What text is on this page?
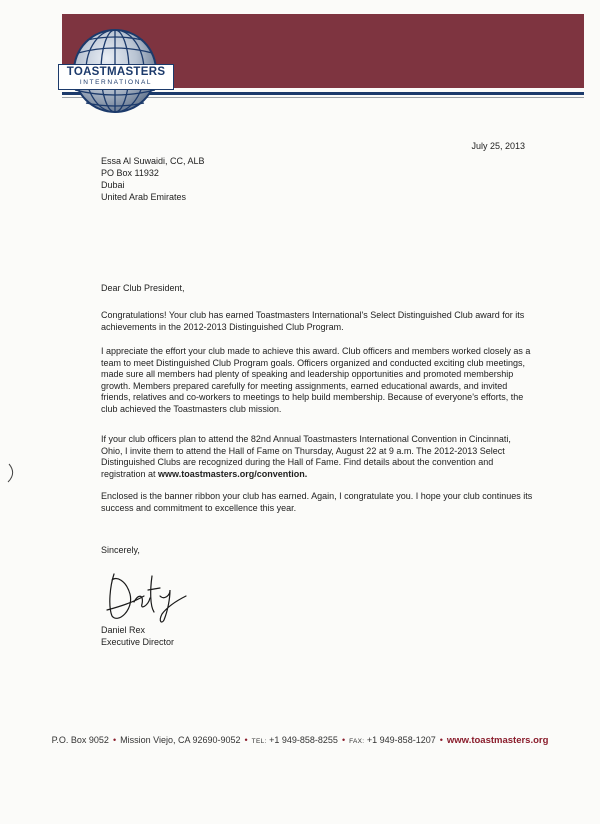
TOASTMASTERS
INTERNATIONAL
July 25, 2013
Essa Al Suwaidi, CC, ALB
PO Box 11932
Dubai
United Arab Emirates
Dear Club President,

Congratulations! Your club has earned Toastmasters International's Select Distinguished Club award for its achievements in the 2012-2013 Distinguished Club Program.

I appreciate the effort your club made to achieve this award. Club officers and members worked closely as a team to meet Distinguished Club Program goals. Officers organized and conducted exciting club meetings, made sure all members had plenty of speaking and leadership opportunities and promoted membership growth. Members prepared carefully for meeting assignments, earned educational awards, and invited friends, relatives and co-workers to meetings to help build membership. Because of everyone's efforts, the club achieved the Toastmasters club mission.

If your club officers plan to attend the 82nd Annual Toastmasters International Convention in Cincinnati, Ohio, I invite them to attend the Hall of Fame on Thursday, August 22 at 9 a.m. The 2012-2013 Select Distinguished Clubs are recognized during the Hall of Fame. Find details about the convention and registration at www.toastmasters.org/convention.

Enclosed is the banner ribbon your club has earned. Again, I congratulate you. I hope your club continues its success and commitment to excellence this year.

Sincerely,
Daniel Rex
Executive Director
P.O. Box 9052 • Mission Viejo, CA 92690-9052 • TEL: +1 949-858-8255 • FAX: +1 949-858-1207 • www.toastmasters.org
